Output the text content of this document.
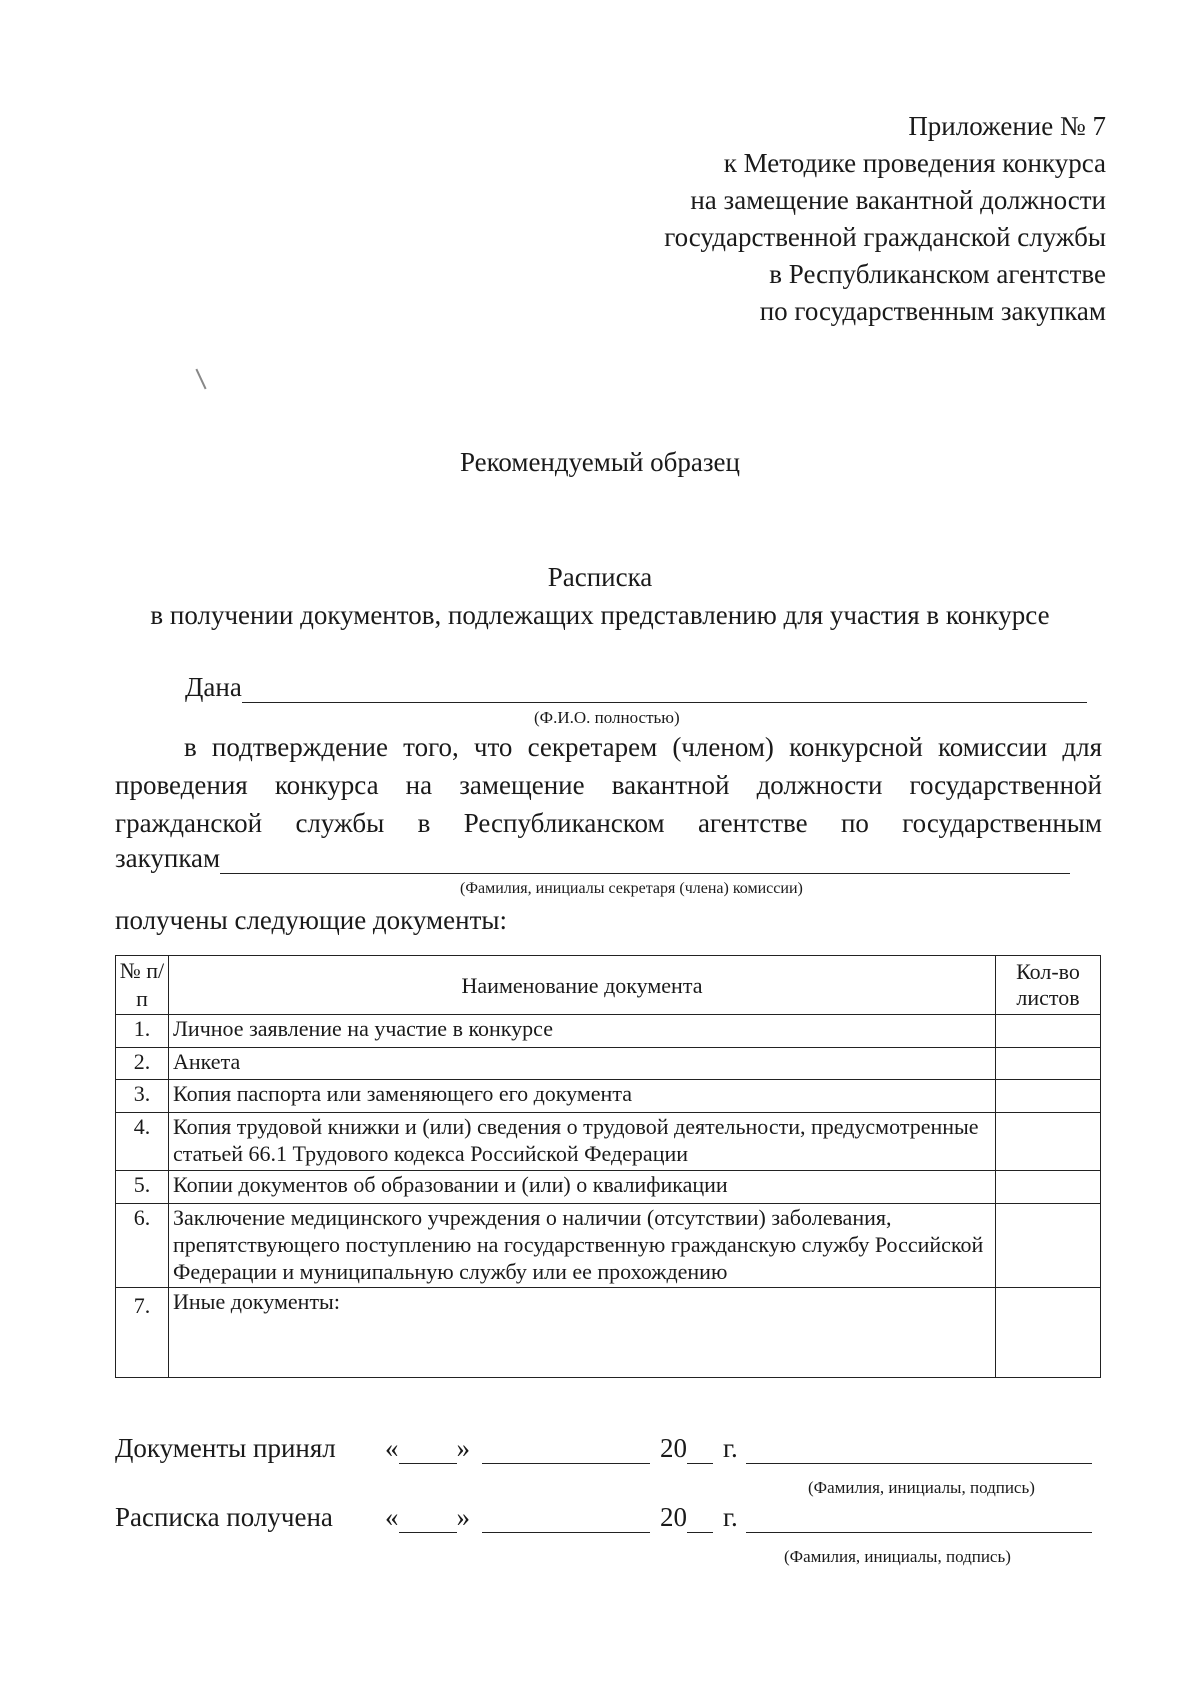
Приложение № 7
к Методике проведения конкурса
на замещение вакантной должности
государственной гражданской службы
в Республиканском агентстве
по государственным закупкам
Рекомендуемый образец
Расписка
в получении документов, подлежащих представлению для участия в конкурсе
Дана
(Ф.И.О. полностью)
в подтверждение того, что секретарем (членом) конкурсной комиссии для проведения конкурса на замещение вакантной должности государственной гражданской службы в Республиканском агентстве по государственным
закупкам
(Фамилия, инициалы секретаря (члена) комиссии)
получены следующие документы:
№ п/п	Наименование документа	Кол-во листов
1.	Личное заявление на участие в конкурсе	
2.	Анкета	
3.	Копия паспорта или заменяющего его документа	
4.	Копия трудовой книжки и (или) сведения о трудовой деятельности, предусмотренные статьей 66.1 Трудового кодекса Российской Федерации	
5.	Копии документов об образовании и (или) о квалификации	
6.	Заключение медицинского учреждения о наличии (отсутствии) заболевания, препятствующего поступлению на государственную гражданскую службу Российской Федерации и муниципальную службу или ее прохождению	
7.	Иные документы:	
Документы принял	« »	20 г.
(Фамилия, инициалы, подпись)
Расписка получена	« »	20 г.
(Фамилия, инициалы, подпись)
